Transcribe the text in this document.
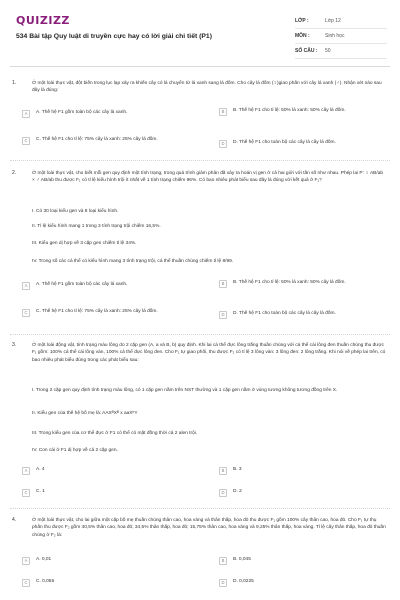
QUIZIZZ
534 Bài tập Quy luật di truyền cực hay có lời giải chi tiết (P1)
LỚP :	Lớp 12
MÔN :	Sinh học
SỐ CÂU :	50
1.	Ở một loài thực vật, đột biến trong lục lạp xảy ra khiến cây có lá chuyển từ lá xanh sang lá đốm. Cho cây lá đốm (♀)giao phấn với cây lá xanh (♂). Nhận xét nào sau đây là đúng:
A	A. Thế hệ F1 gồm toàn bộ các cây lá xanh.	B	B. Thế hệ F1 cho tỉ lệ: 50% lá xanh: 50% cây lá đốm.
C	C. Thế hệ F1 cho tỉ lệ: 75% cây lá xanh: 25% cây lá đốm.
D	D. Thế hệ F1 cho toàn bộ các cây lá cây lá đốm.
2.	Ở một loài thực vật, cho biết mỗi gen quy định một tính trạng, trong quá trình giảm phân đã xảy ra hoán vị gen ở cả hai giới với tần số như nhau. Phép lai P: ♀ AB/ab × ♂ AB/ab thu được F₁ có tỉ lệ kiểu hình trội ít nhất về 1 tính trạng chiếm 96%. Có bao nhiêu phát biểu sau đây là đúng với kết quả ở F₁?
I. Có 30 loại kiểu gen và 8 loại kiểu hình.
II. Tỉ lệ kiểu hình mang 1 trong 3 tính trạng trội chiếm 16,5%.
III. Kiểu gen dị hợp về 3 cặp gen chiếm tỉ lệ 34%.
IV. Trong số các cá thể có kiểu hình mang 3 tính trạng trội, cá thể thuần chủng chiếm tỉ lệ 8/99.
A	A. Thế hệ F1 gồm toàn bộ các cây lá xanh.	B	B. Thế hệ F1 cho tỉ lệ: 50% lá xanh: 50% cây lá đốm.
C	C. Thế hệ F1 cho tỉ lệ: 75% cây lá xanh: 25% cây lá đốm.
D	D. Thế hệ F1 cho toàn bộ các cây lá cây lá đốm.
3.	Ở một loài động vật, tính trạng màu lông do 2 cặp gen (A, a và B, b) quy định. Khi lai cá thể đực lông trắng thuần chủng với cá thể cái lông đen thuần chủng thu được F₁ gồm: 100% cá thể cái lông vàn, 100% cá thể đực lông đen. Cho F₁ tự giao phối, thu được F₂ có tỉ lệ 3 lông vàn: 3 lông đen: 2 lông trắng. Khi nói về phép lai trên, có bao nhiêu phát biểu đúng trong các phát biểu sau:
I. Trong 2 cặp gen quy định tính trạng màu lông, có 1 cặp gen nằm trên NST thường và 1 cặp gen nằm ở vùng tương không tương đồng trên X.
II. Kiểu gen của thế hệ bố mẹ là: AAXᴮXᴮ x aaXᵇY
III. Trong kiểu gen của cơ thể đực ở F1 có thể có mặt đồng thời cả 2 alen trội.
IV. Con cái ở F1 dị hợp về cả 2 cặp gen.
A	A. 4	B	B. 3
C	C. 1	D	D. 2
4.	Ở một loài thực vật, cho lai giữa một cặp bố mẹ thuần chủng thân cao, hoa vàng và thân thấp, hoa đỏ thu được F₁ gồm 100% cây thân cao, hoa đỏ. Cho F₁ tự thụ phấn thu được F₂ gồm 40,5% thân cao, hoa đỏ; 34,5% thân thấp, hoa đỏ; 15,75% thân cao, hoa vàng và 9,25% thân thấp, hoa vàng. Tỉ lệ cây thân thấp, hoa đỏ thuần chủng ở F₂ là:
A	A. 0,01	B	B. 0,045
C	C. 0,055	D	D. 0,0225
